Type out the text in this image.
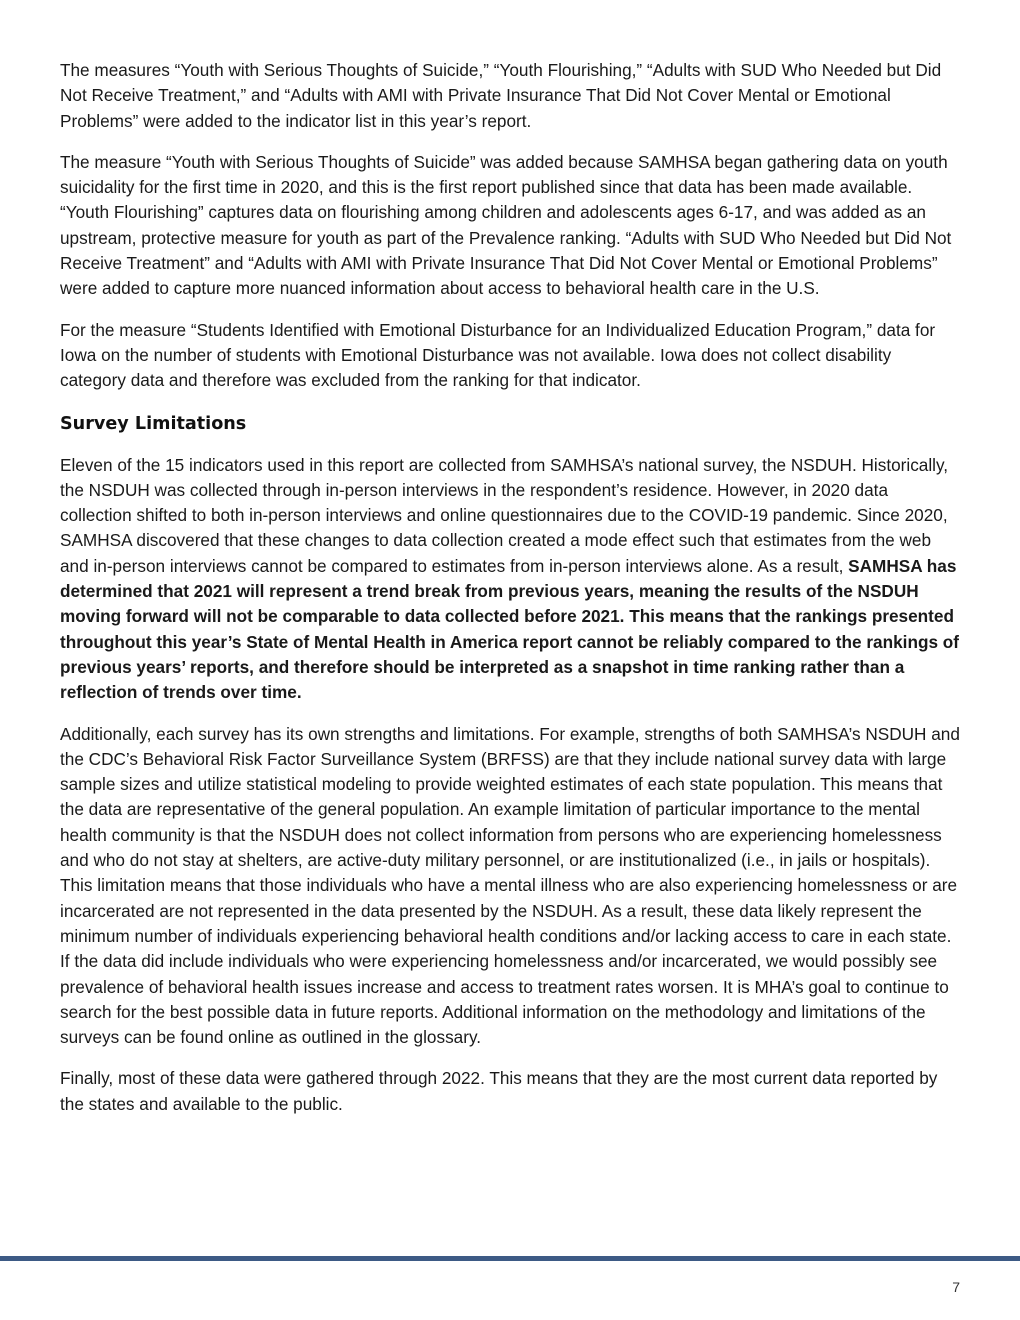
The measures “Youth with Serious Thoughts of Suicide,” “Youth Flourishing,” “Adults with SUD Who Needed but Did Not Receive Treatment,” and “Adults with AMI with Private Insurance That Did Not Cover Mental or Emotional Problems” were added to the indicator list in this year’s report.

The measure “Youth with Serious Thoughts of Suicide” was added because SAMHSA began gathering data on youth suicidality for the first time in 2020, and this is the first report published since that data has been made available. “Youth Flourishing” captures data on flourishing among children and adolescents ages 6-17, and was added as an upstream, protective measure for youth as part of the Prevalence ranking. “Adults with SUD Who Needed but Did Not Receive Treatment” and “Adults with AMI with Private Insurance That Did Not Cover Mental or Emotional Problems” were added to capture more nuanced information about access to behavioral health care in the U.S.

For the measure “Students Identified with Emotional Disturbance for an Individualized Education Program,” data for Iowa on the number of students with Emotional Disturbance was not available. Iowa does not collect disability category data and therefore was excluded from the ranking for that indicator.

Survey Limitations

Eleven of the 15 indicators used in this report are collected from SAMHSA’s national survey, the NSDUH. Historically, the NSDUH was collected through in-person interviews in the respondent’s residence. However, in 2020 data collection shifted to both in-person interviews and online questionnaires due to the COVID-19 pandemic. Since 2020, SAMHSA discovered that these changes to data collection created a mode effect such that estimates from the web and in-person interviews cannot be compared to estimates from in-person interviews alone. As a result, SAMHSA has determined that 2021 will represent a trend break from previous years, meaning the results of the NSDUH moving forward will not be comparable to data collected before 2021. This means that the rankings presented throughout this year’s State of Mental Health in America report cannot be reliably compared to the rankings of previous years’ reports, and therefore should be interpreted as a snapshot in time ranking rather than a reflection of trends over time.

Additionally, each survey has its own strengths and limitations. For example, strengths of both SAMHSA’s NSDUH and the CDC’s Behavioral Risk Factor Surveillance System (BRFSS) are that they include national survey data with large sample sizes and utilize statistical modeling to provide weighted estimates of each state population. This means that the data are representative of the general population. An example limitation of particular importance to the mental health community is that the NSDUH does not collect information from persons who are experiencing homelessness and who do not stay at shelters, are active-duty military personnel, or are institutionalized (i.e., in jails or hospitals). This limitation means that those individuals who have a mental illness who are also experiencing homelessness or are incarcerated are not represented in the data presented by the NSDUH. As a result, these data likely represent the minimum number of individuals experiencing behavioral health conditions and/or lacking access to care in each state. If the data did include individuals who were experiencing homelessness and/or incarcerated, we would possibly see prevalence of behavioral health issues increase and access to treatment rates worsen. It is MHA’s goal to continue to search for the best possible data in future reports. Additional information on the methodology and limitations of the surveys can be found online as outlined in the glossary.

Finally, most of these data were gathered through 2022. This means that they are the most current data reported by the states and available to the public.

7
